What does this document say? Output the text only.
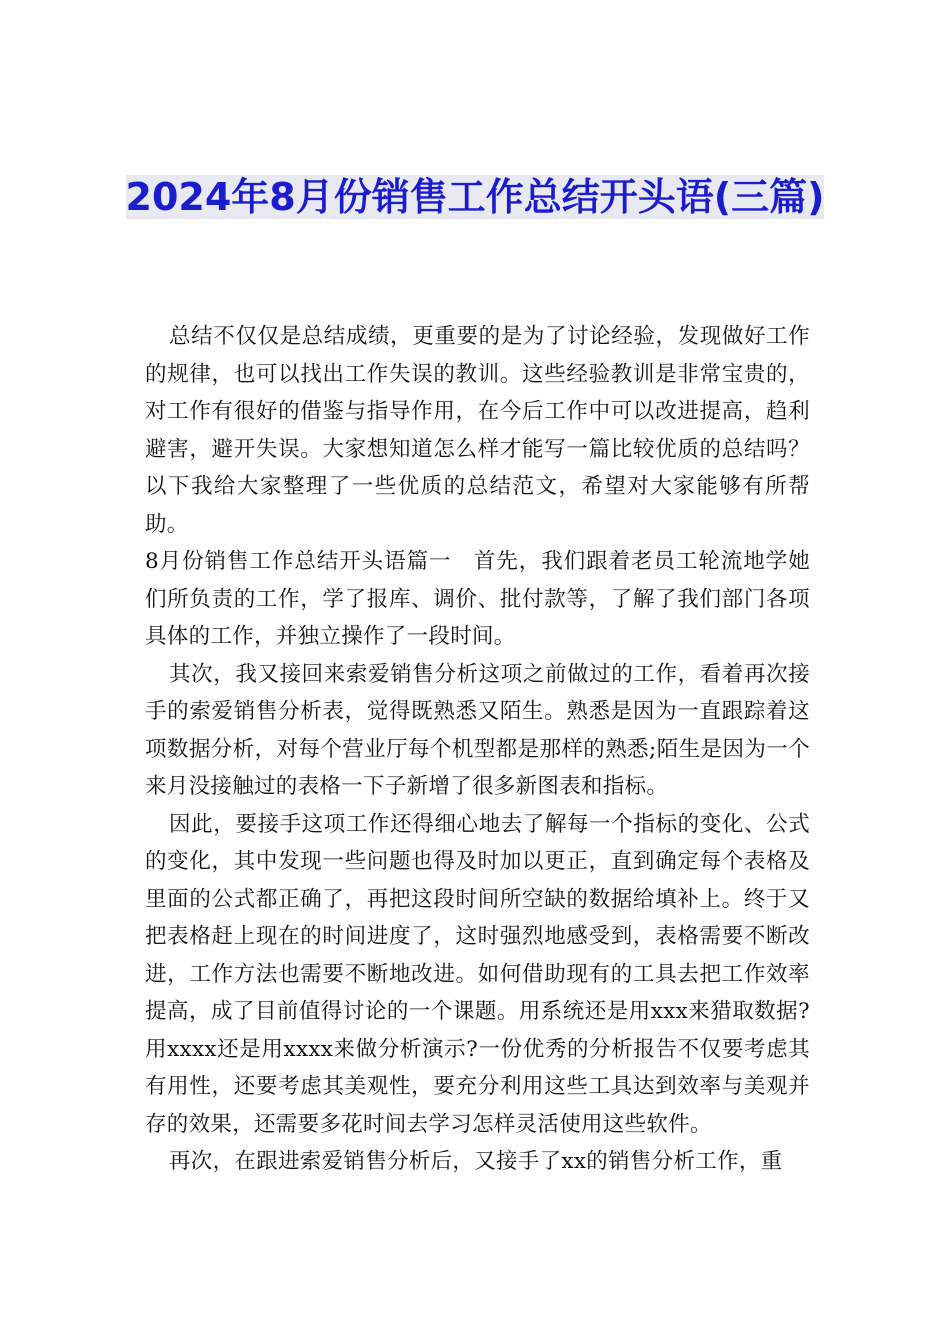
2024年8月份销售工作总结开头语(三篇)

总结不仅仅是总结成绩，更重要的是为了讨论经验，发现做好工作的规律，也可以找出工作失误的教训。这些经验教训是非常宝贵的，对工作有很好的借鉴与指导作用，在今后工作中可以改进提高，趋利避害，避开失误。大家想知道怎么样才能写一篇比较优质的总结吗？以下我给大家整理了一些优质的总结范文，希望对大家能够有所帮助。

8月份销售工作总结开头语篇一　首先，我们跟着老员工轮流地学她们所负责的工作，学了报库、调价、批付款等，了解了我们部门各项具体的工作，并独立操作了一段时间。

其次，我又接回来索爱销售分析这项之前做过的工作，看着再次接手的索爱销售分析表，觉得既熟悉又陌生。熟悉是因为一直跟踪着这项数据分析，对每个营业厅每个机型都是那样的熟悉;陌生是因为一个来月没接触过的表格一下子新增了很多新图表和指标。

因此，要接手这项工作还得细心地去了解每一个指标的变化、公式的变化，其中发现一些问题也得及时加以更正，直到确定每个表格及里面的公式都正确了，再把这段时间所空缺的数据给填补上。终于又把表格赶上现在的时间进度了，这时强烈地感受到，表格需要不断改进，工作方法也需要不断地改进。如何借助现有的工具去把工作效率提高，成了目前值得讨论的一个课题。用系统还是用xxx来猎取数据?用xxxx还是用xxxx来做分析演示?一份优秀的分析报告不仅要考虑其有用性，还要考虑其美观性，要充分利用这些工具达到效率与美观并存的效果，还需要多花时间去学习怎样灵活使用这些软件。

再次，在跟进索爱销售分析后，又接手了xx的销售分析工作，重
